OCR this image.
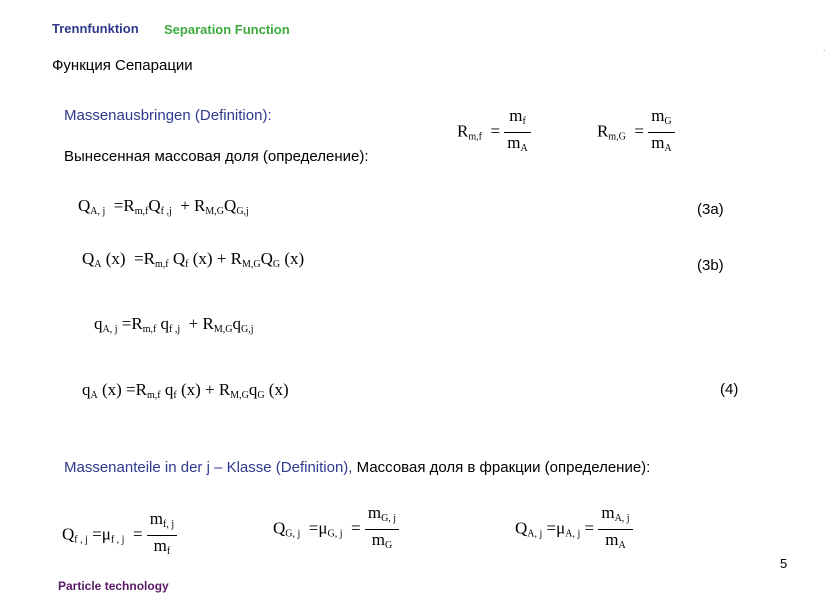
Trennfunktion Separation Function
Функция Сепарации
.
Massenausbringen (Definition):
Вынесенная массовая доля (определение):
$R_{m,f} = \frac{m_f}{m_A}$	$R_{m,G} = \frac{m_G}{m_A}$
$Q_{A, j} =R_{m,f}Q_{f ,j} + R_{M,G}Q_{G,j}$	(3a)
$Q_A$ $(x) =R_{m,f}$ $Q_f$ $(x) + R_{M,G}Q_G$ (x)	(3b)
$q_{A, j} =R_{m,f}$ $q_{f ,j} + R_{M,G}q_{G,j}$
$q_A$ $(x) =R_{m,f}$ $q_f$ $(x) + R_{M,G}q_G$ (x)	(4)
Massenanteile in der j – Klasse (Definition), Массовая доля в фракции (определение):
$Q_{f , j} =\mu_{f , j} = \frac{m_{f, j}}{m_f}$	$Q_{G, j} =\mu_{G, j} = \frac{m_{G, j}}{m_G}$	$Q_{A, j} =\mu_{A, j} = \frac{m_{A, j}}{m_A}$
5
Particle technology
